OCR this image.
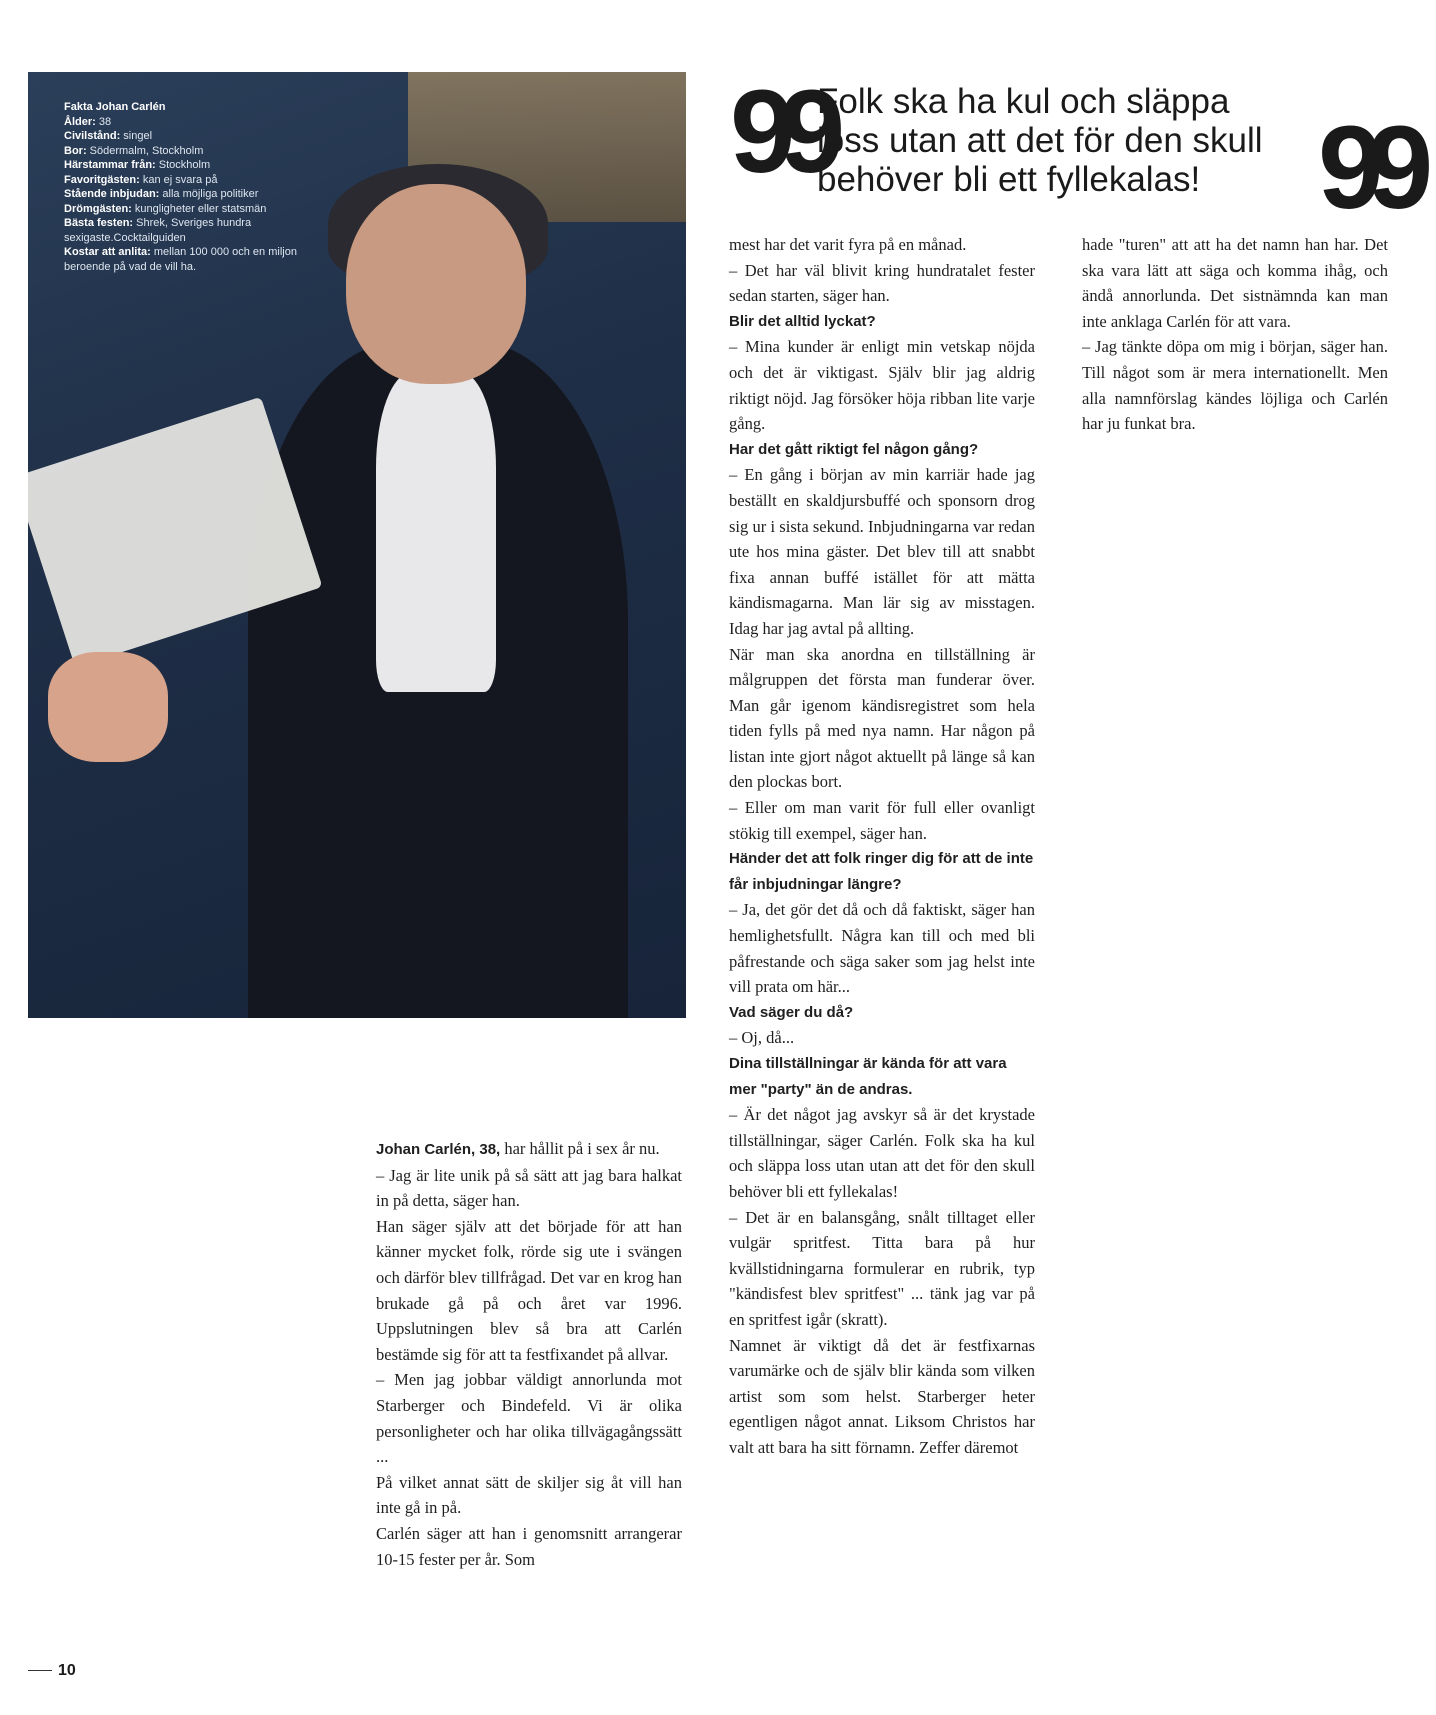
Fakta Johan Carlén
Ålder: 38
Civilstånd: singel
Bor: Södermalm, Stockholm
Härstammar från: Stockholm
Favoritgästen: kan ej svara på
Stående inbjudan: alla möjliga politiker
Drömgästen: kungligheter eller statsmän
Bästa festen: Shrek, Sveriges hundra sexigaste.Cocktailguiden
Kostar att anlita: mellan 100 000 och en miljon beroende på vad de vill ha.
99
Folk ska ha kul och släppa
loss utan att det för den skull
behöver bli ett fyllekalas! 99

Johan Carlén, 38, har hållit på i sex år nu.

– Jag är lite unik på så sätt att jag bara halkat in på detta, säger han.

Han säger själv att det började för att han känner mycket folk, rörde sig ute i svängen och därför blev tillfrågad. Det var en krog han brukade gå på och året var 1996. Uppslutningen blev så bra att Carlén bestämde sig för att ta festfixandet på allvar.

– Men jag jobbar väldigt annorlunda mot Starberger och Bindefeld. Vi är olika personligheter och har olika tillvägagångssätt ...

På vilket annat sätt de skiljer sig åt vill han inte gå in på.

Carlén säger att han i genomsnitt arrangerar 10-15 fester per år. Som

mest har det varit fyra på en månad.

– Det har väl blivit kring hundratalet fester sedan starten, säger han.

Blir det alltid lyckat?

– Mina kunder är enligt min vetskap nöjda och det är viktigast. Själv blir jag aldrig riktigt nöjd. Jag försöker höja ribban lite varje gång.

Har det gått riktigt fel någon gång?

– En gång i början av min karriär hade jag beställt en skaldjursbuffé och sponsorn drog sig ur i sista sekund. Inbjudningarna var redan ute hos mina gäster. Det blev till att snabbt fixa annan buffé istället för att mätta kändismagarna. Man lär sig av misstagen. Idag har jag avtal på allting.

När man ska anordna en tillställning är målgruppen det första man funderar över. Man går igenom kändisregistret som hela tiden fylls på med nya namn. Har någon på listan inte gjort något aktuellt på länge så kan den plockas bort.

– Eller om man varit för full eller ovanligt stökig till exempel, säger han.

Händer det att folk ringer dig för att de inte får inbjudningar längre?

– Ja, det gör det då och då faktiskt, säger han hemlighetsfullt. Några kan till och med bli påfrestande och säga saker som jag helst inte vill prata om här...

Vad säger du då?

– Oj, då...

Dina tillställningar är kända för att vara mer "party" än de andras.

– Är det något jag avskyr så är det krystade tillställningar, säger Carlén. Folk ska ha kul och släppa loss utan utan att det för den skull behöver bli ett fyllekalas!

– Det är en balansgång, snålt tilltaget eller vulgär spritfest. Titta bara på hur kvällstidningarna formulerar en rubrik, typ "kändisfest blev spritfest" ... tänk jag var på en spritfest igår (skratt).

Namnet är viktigt då det är festfixarnas varumärke och de själv blir kända som vilken artist som som helst. Starberger heter egentligen något annat. Liksom Christos har valt att bara ha sitt förnamn. Zeffer däremot

hade "turen" att att ha det namn han har. Det ska vara lätt att säga och komma ihåg, och ändå annorlunda. Det sistnämnda kan man inte anklaga Carlén för att vara.

– Jag tänkte döpa om mig i början, säger han. Till något som är mera internationellt. Men alla namnförslag kändes löjliga och Carlén har ju funkat bra.

10
